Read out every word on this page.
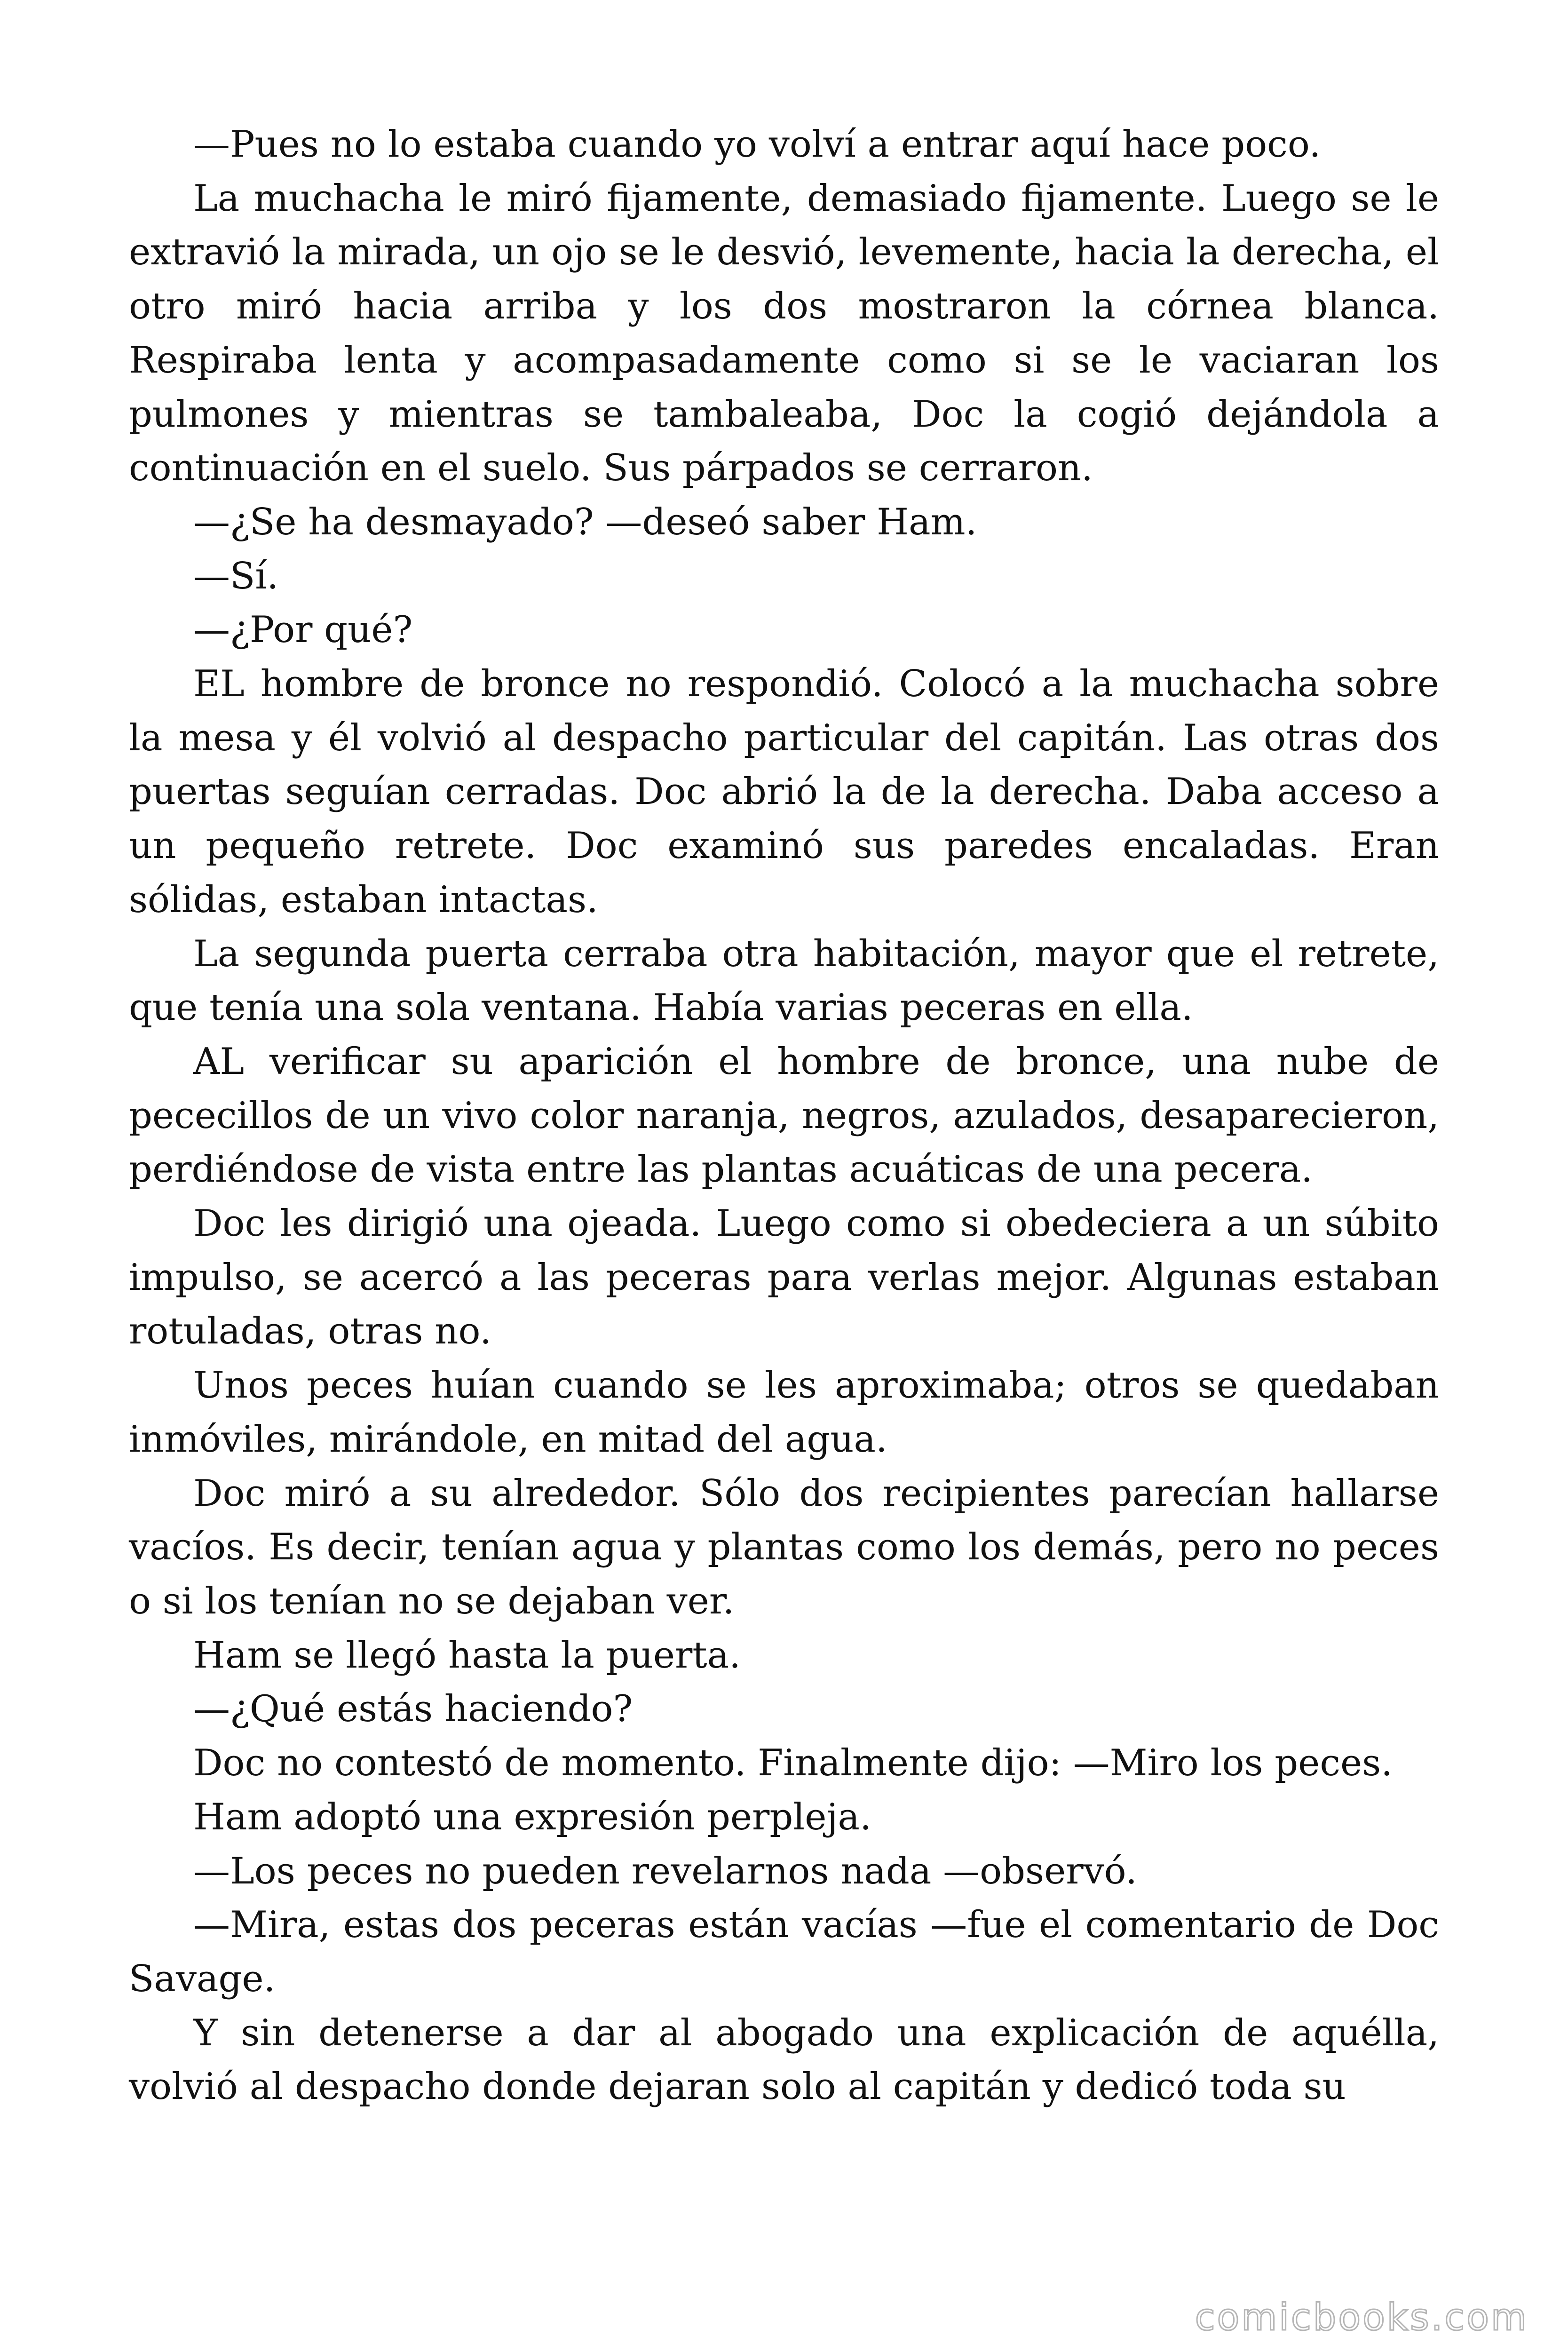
—Pues no lo estaba cuando yo volví a entrar aquí hace poco.

La muchacha le miró fijamente, demasiado fijamente. Luego se le extravió la mirada, un ojo se le desvió, levemente, hacia la derecha, el otro miró hacia arriba y los dos mostraron la córnea blanca. Respiraba lenta y acompasadamente como si se le vaciaran los pulmones y mientras se tambaleaba, Doc la cogió dejándola a continuación en el suelo. Sus párpados se cerraron.

—¿Se ha desmayado? —deseó saber Ham.

—Sí.

—¿Por qué?

EL hombre de bronce no respondió. Colocó a la muchacha sobre la mesa y él volvió al despacho particular del capitán. Las otras dos puertas seguían cerradas. Doc abrió la de la derecha. Daba acceso a un pequeño retrete. Doc examinó sus paredes encaladas. Eran sólidas, estaban intactas.

La segunda puerta cerraba otra habitación, mayor que el retrete, que tenía una sola ventana. Había varias peceras en ella.

AL verificar su aparición el hombre de bronce, una nube de pececillos de un vivo color naranja, negros, azulados, desaparecieron, perdiéndose de vista entre las plantas acuáticas de una pecera.

Doc les dirigió una ojeada. Luego como si obedeciera a un súbito impulso, se acercó a las peceras para verlas mejor. Algunas estaban rotuladas, otras no.

Unos peces huían cuando se les aproximaba; otros se quedaban inmóviles, mirándole, en mitad del agua.

Doc miró a su alrededor. Sólo dos recipientes parecían hallarse vacíos. Es decir, tenían agua y plantas como los demás, pero no peces o si los tenían no se dejaban ver.

Ham se llegó hasta la puerta.

—¿Qué estás haciendo?

Doc no contestó de momento. Finalmente dijo: —Miro los peces.

Ham adoptó una expresión perpleja.

—Los peces no pueden revelarnos nada —observó.

—Mira, estas dos peceras están vacías —fue el comentario de Doc Savage.

Y sin detenerse a dar al abogado una explicación de aquélla, volvió al despacho donde dejaran solo al capitán y dedicó toda su

comicbooks.com
